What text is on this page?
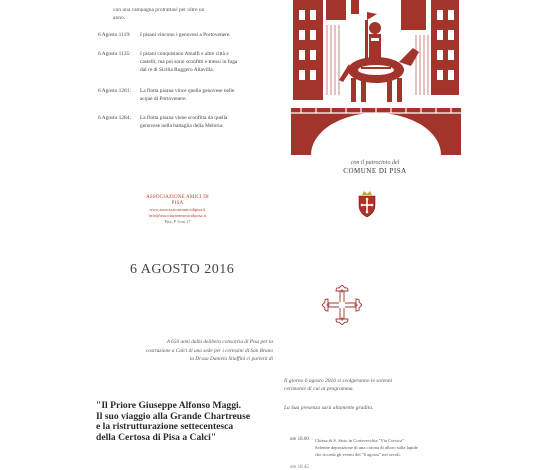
con una campagna protrattasi per oltre un
anno.
6 Agosto 1119:	I pisani vincono i genovesi a Portovenere.
6 Agosto 1135:	I pisani conquistano Amalfi e altre città e
castelli; ma poi sono sconfitti e messi in fuga
dal re di Sicilia Ruggero Altavilla.
6 Agosto 1261:	La flotta pisana vince quella genovese nelle
acque di Portovenere.
6 Agosto 1284:	La flotta pisana viene sconfitta da quella
genovese nella battaglia della Meloria.
ASSOCIAZIONE AMICI DI PISA
www.associazioneamicidipisa.it
info@associazioneamicidipisa.it
Pisa, P. Gori 17
6 AGOSTO 2016
A 650 anni dalla delibera consorzia di Pisa per la
costruzione a Calci di una sede per i certosini di San Bruno
la Dr.ssa Daniela Stiaffini ci parlerà di
"Il Priore Giuseppe Alfonso Maggi.
Il suo viaggio alla Grande Chartreuse
e la ristrutturazione settecentesca
della Certosa di Pisa a Calci"
con il patrocinio del
COMUNE DI PISA
Il giorno 6 agosto 2016 si svolgeranno le solenni
cerimonie di cui al programma.
La Sua presenza sarà altamente gradita.
ore 18.00 Chiesa di S. Sisto in Cortevecchia "Via Corsica"
Solenne deposizione di una corona di alloro sulla lapide
che ricorda gli eventi del "6 agosto" nei secoli.
ore 18.45
